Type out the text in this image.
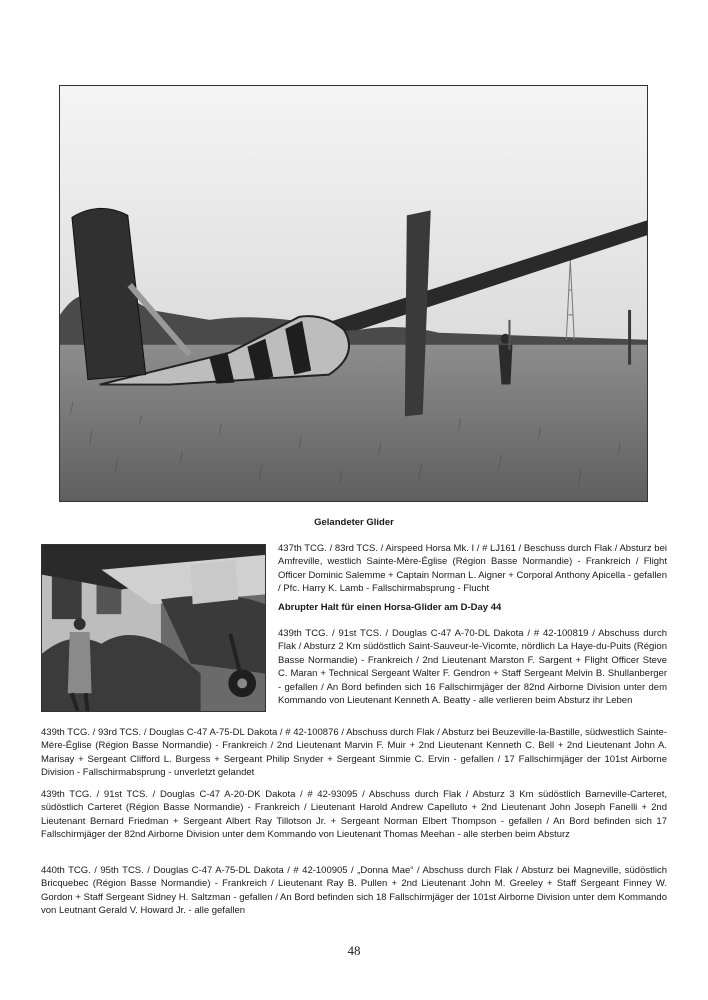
Gelandeter Glider

437th TCG. / 83rd TCS. / Airspeed Horsa Mk. I / # LJ161 / Beschuss durch Flak / Absturz bei Amfreville, westlich Sainte-Mère-Église (Région Basse Normandie) - Frankreich / Flight Officer Dominic Salemme + Captain Norman L. Aigner + Corporal Anthony Apicella - gefallen / Pfc. Harry K. Lamb - Fallschirmabsprung - Flucht

Abrupter Halt für einen Horsa-Glider am D-Day 44

439th TCG. / 91st TCS. / Douglas C-47 A-70-DL Dakota / # 42-100819 / Abschuss durch Flak / Absturz 2 Km südöstlich Saint-Sauveur-le-Vicomte, nördlich La Haye-du-Puits (Région Basse Normandie) - Frankreich / 2nd Lieutenant Marston F. Sargent + Flight Officer Steve C. Maran + Technical Sergeant Walter F. Gendron + Staff Sergeant Melvin B. Shullanberger - gefallen / An Bord befinden sich 16 Fallschirmjäger der 82nd Airborne Division unter dem Kommando von Lieutenant Kenneth A. Beatty - alle verlieren beim Absturz ihr Leben

439th TCG. / 93rd TCS. / Douglas C-47 A-75-DL Dakota / # 42-100876 / Abschuss durch Flak / Absturz bei Beuzeville-la-Bastille, südwestlich Sainte-Mère-Église (Région Basse Normandie) - Frankreich / 2nd Lieutenant Marvin F. Muir + 2nd Lieutenant Kenneth C. Bell + 2nd Lieutenant John A. Marisay + Sergeant Clifford L. Burgess + Sergeant Philip Snyder + Sergeant Simmie C. Ervin - gefallen / 17 Fallschirmjäger der 101st Airborne Division - Fallschirmabsprung - unverletzt gelandet

439th TCG. / 91st TCS. / Douglas C-47 A-20-DK Dakota / # 42-93095 / Abschuss durch Flak / Absturz 3 Km südöstlich Barneville-Carteret, südöstlich Carteret (Région Basse Normandie) - Frankreich / Lieutenant Harold Andrew Capelluto + 2nd Lieutenant John Joseph Fanelli + 2nd Lieutenant Bernard Friedman + Sergeant Albert Ray Tillotson Jr. + Sergeant Norman Elbert Thompson - gefallen / An Bord befinden sich 17 Fallschirmjäger der 82nd Airborne Division unter dem Kommando von Lieutenant Thomas Meehan - alle sterben beim Absturz

440th TCG. / 95th TCS. / Douglas C-47 A-75-DL Dakota / # 42-100905 / „Donna Mae“ / Abschuss durch Flak / Absturz bei Magneville, südöstlich Bricquebec (Région Basse Normandie) - Frankreich / Lieutenant Ray B. Pullen + 2nd Lieutenant John M. Greeley + Staff Sergeant Finney W. Gordon + Staff Sergeant Sidney H. Saltzman - gefallen / An Bord befinden sich 18 Fallschirmjäger der 101st Airborne Division unter dem Kommando von Leutnant Gerald V. Howard Jr. - alle gefallen

48
